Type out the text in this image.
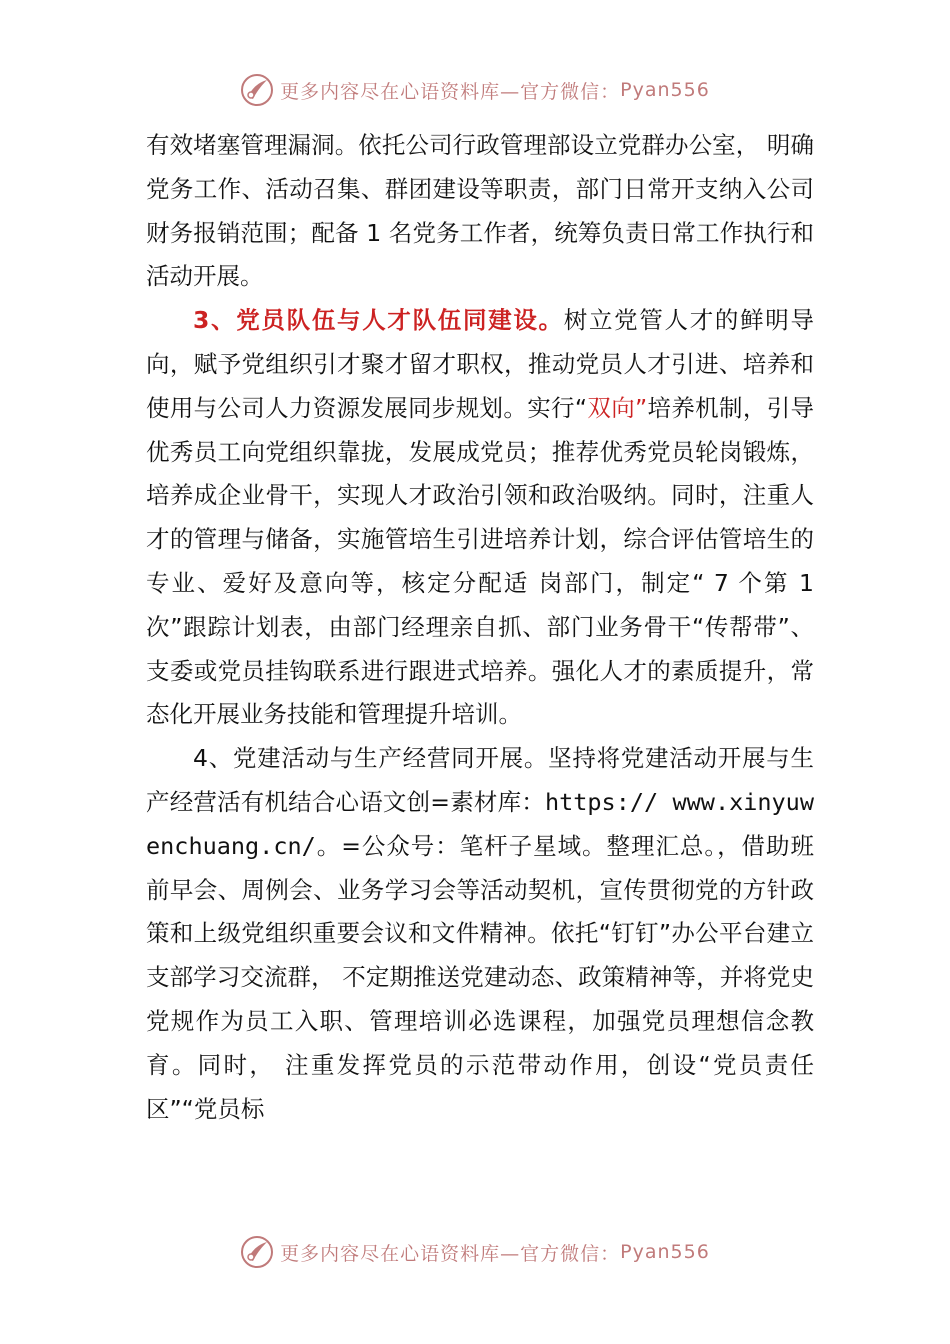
更多内容尽在心语资料库—官方微信： Pyan556

有效堵塞管理漏洞。依托公司行政管理部设立党群办公室， 明确党务工作、活动召集、群团建设等职责，部门日常开支纳入公司财务报销范围；配备 1 名党务工作者，统筹负责日常工作执行和活动开展。

3、党员队伍与人才队伍同建设。树立党管人才的鲜明导向，赋予党组织引才聚才留才职权，推动党员人才引进、培养和使用与公司人力资源发展同步规划。实行“双向”培养机制，引导优秀员工向党组织靠拢，发展成党员；推荐优秀党员轮岗锻炼，培养成企业骨干，实现人才政治引领和政治吸纳。同时，注重人才的管理与储备，实施管培生引进培养计划，综合评估管培生的专业、爱好及意向等，核定分配适 岗部门，制定“ 7 个第 1 次”跟踪计划表，由部门经理亲自抓、部门业务骨干“传帮带”、支委或党员挂钩联系进行跟进式培养。强化人才的素质提升，常态化开展业务技能和管理提升培训。

4、党建活动与生产经营同开展。坚持将党建活动开展与生产经营活有机结合心语文创=素材库：https:// www.xinyuwenchuang.cn/。=公众号：笔杆子星域。整理汇总。，借助班前早会、周例会、业务学习会等活动契机，宣传贯彻党的方针政策和上级党组织重要会议和文件精神。依托“钉钉”办公平台建立支部学习交流群， 不定期推送党建动态、政策精神等，并将党史党规作为员工入职、管理培训必选课程，加强党员理想信念教育。同时， 注重发挥党员的示范带动作用，创设“党员责任区”“党员标

更多内容尽在心语资料库—官方微信： Pyan556
